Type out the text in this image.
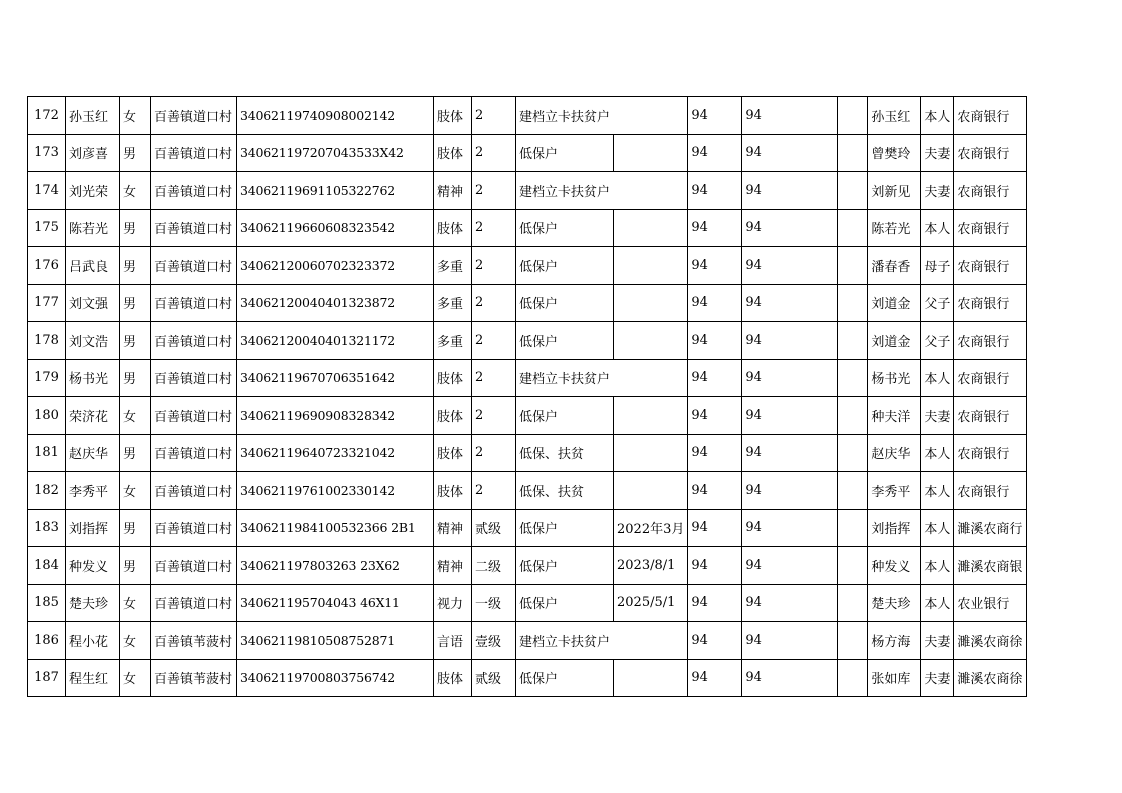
172	孙玉红	女	百善镇道口村	34062119740908002142	肢体	2	建档立卡扶贫户		94	94		孙玉红	本人	农商银行
173	刘彦喜	男	百善镇道口村	340621197207043533X42	肢体	2	低保户		94	94		曾樊玲	夫妻	农商银行
174	刘光荣	女	百善镇道口村	34062119691105322762	精神	2	建档立卡扶贫户		94	94		刘新见	夫妻	农商银行
175	陈若光	男	百善镇道口村	34062119660608323542	肢体	2	低保户		94	94		陈若光	本人	农商银行
176	吕武良	男	百善镇道口村	34062120060702323372	多重	2	低保户		94	94		潘春香	母子	农商银行
177	刘文强	男	百善镇道口村	34062120040401323872	多重	2	低保户		94	94		刘道金	父子	农商银行
178	刘文浩	男	百善镇道口村	34062120040401321172	多重	2	低保户		94	94		刘道金	父子	农商银行
179	杨书光	男	百善镇道口村	34062119670706351642	肢体	2	建档立卡扶贫户		94	94		杨书光	本人	农商银行
180	荣济花	女	百善镇道口村	34062119690908328342	肢体	2	低保户		94	94		种夫洋	夫妻	农商银行
181	赵庆华	男	百善镇道口村	34062119640723321042	肢体	2	低保、扶贫		94	94		赵庆华	本人	农商银行
182	李秀平	女	百善镇道口村	34062119761002330142	肢体	2	低保、扶贫		94	94		李秀平	本人	农商银行
183	刘指挥	男	百善镇道口村	3406211984100532366 2B1	精神	贰级	低保户	2022年3月	94	94		刘指挥	本人	濉溪农商行
184	种发义	男	百善镇道口村	340621197803263 23X62	精神	二级	低保户	2023/8/1	94	94		种发义	本人	濉溪农商银
185	楚夫珍	女	百善镇道口村	340621195704043 46X11	视力	一级	低保户	2025/5/1	94	94		楚夫珍	本人	农业银行
186	程小花	女	百善镇苇菠村	34062119810508752871	言语	壹级	建档立卡扶贫户		94	94		杨方海	夫妻	濉溪农商徐
187	程生红	女	百善镇苇菠村	34062119700803756742	肢体	贰级	低保户		94	94		张如库	夫妻	濉溪农商徐
